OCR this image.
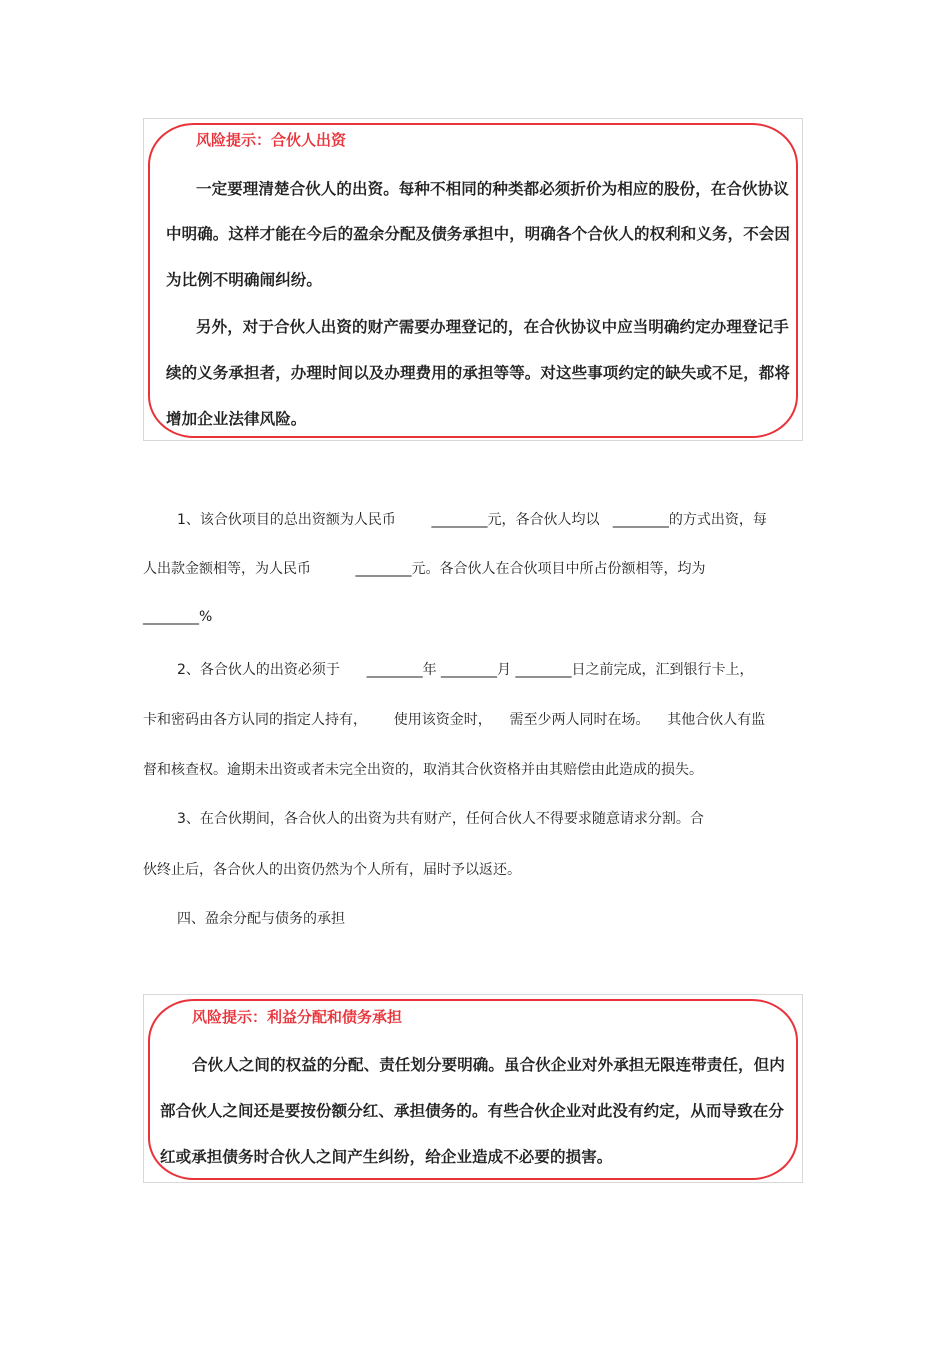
风险提示：合伙人出资
一定要理清楚合伙人的出资。每种不相同的种类都必须折价为相应的股份，在合伙协议
中明确。这样才能在今后的盈余分配及债务承担中，明确各个合伙人的权利和义务，不会因
为比例不明确闹纠纷。
另外，对于合伙人出资的财产需要办理登记的，在合伙协议中应当明确约定办理登记手
续的义务承担者，办理时间以及办理费用的承担等等。对这些事项约定的缺失或不足，都将
增加企业法律风险。
1、该合伙项目的总出资额为人民币        ________元，各合伙人均以   ________的方式出资，每
人出款金额相等，为人民币          ________元。各合伙人在合伙项目中所占份额相等，均为
________%
2、各合伙人的出资必须于      ________年 ________月 ________日之前完成，汇到银行卡上，
卡和密码由各方认同的指定人持有，      使用该资金时，    需至少两人同时在场。    其他合伙人有监
督和核查权。逾期未出资或者未完全出资的，取消其合伙资格并由其赔偿由此造成的损失。
3、在合伙期间，各合伙人的出资为共有财产，任何合伙人不得要求随意请求分割。合
伙终止后，各合伙人的出资仍然为个人所有，届时予以返还。
四、盈余分配与债务的承担
风险提示：利益分配和债务承担
合伙人之间的权益的分配、责任划分要明确。虽合伙企业对外承担无限连带责任，但内
部合伙人之间还是要按份额分红、承担债务的。有些合伙企业对此没有约定，从而导致在分
红或承担债务时合伙人之间产生纠纷，给企业造成不必要的损害。
